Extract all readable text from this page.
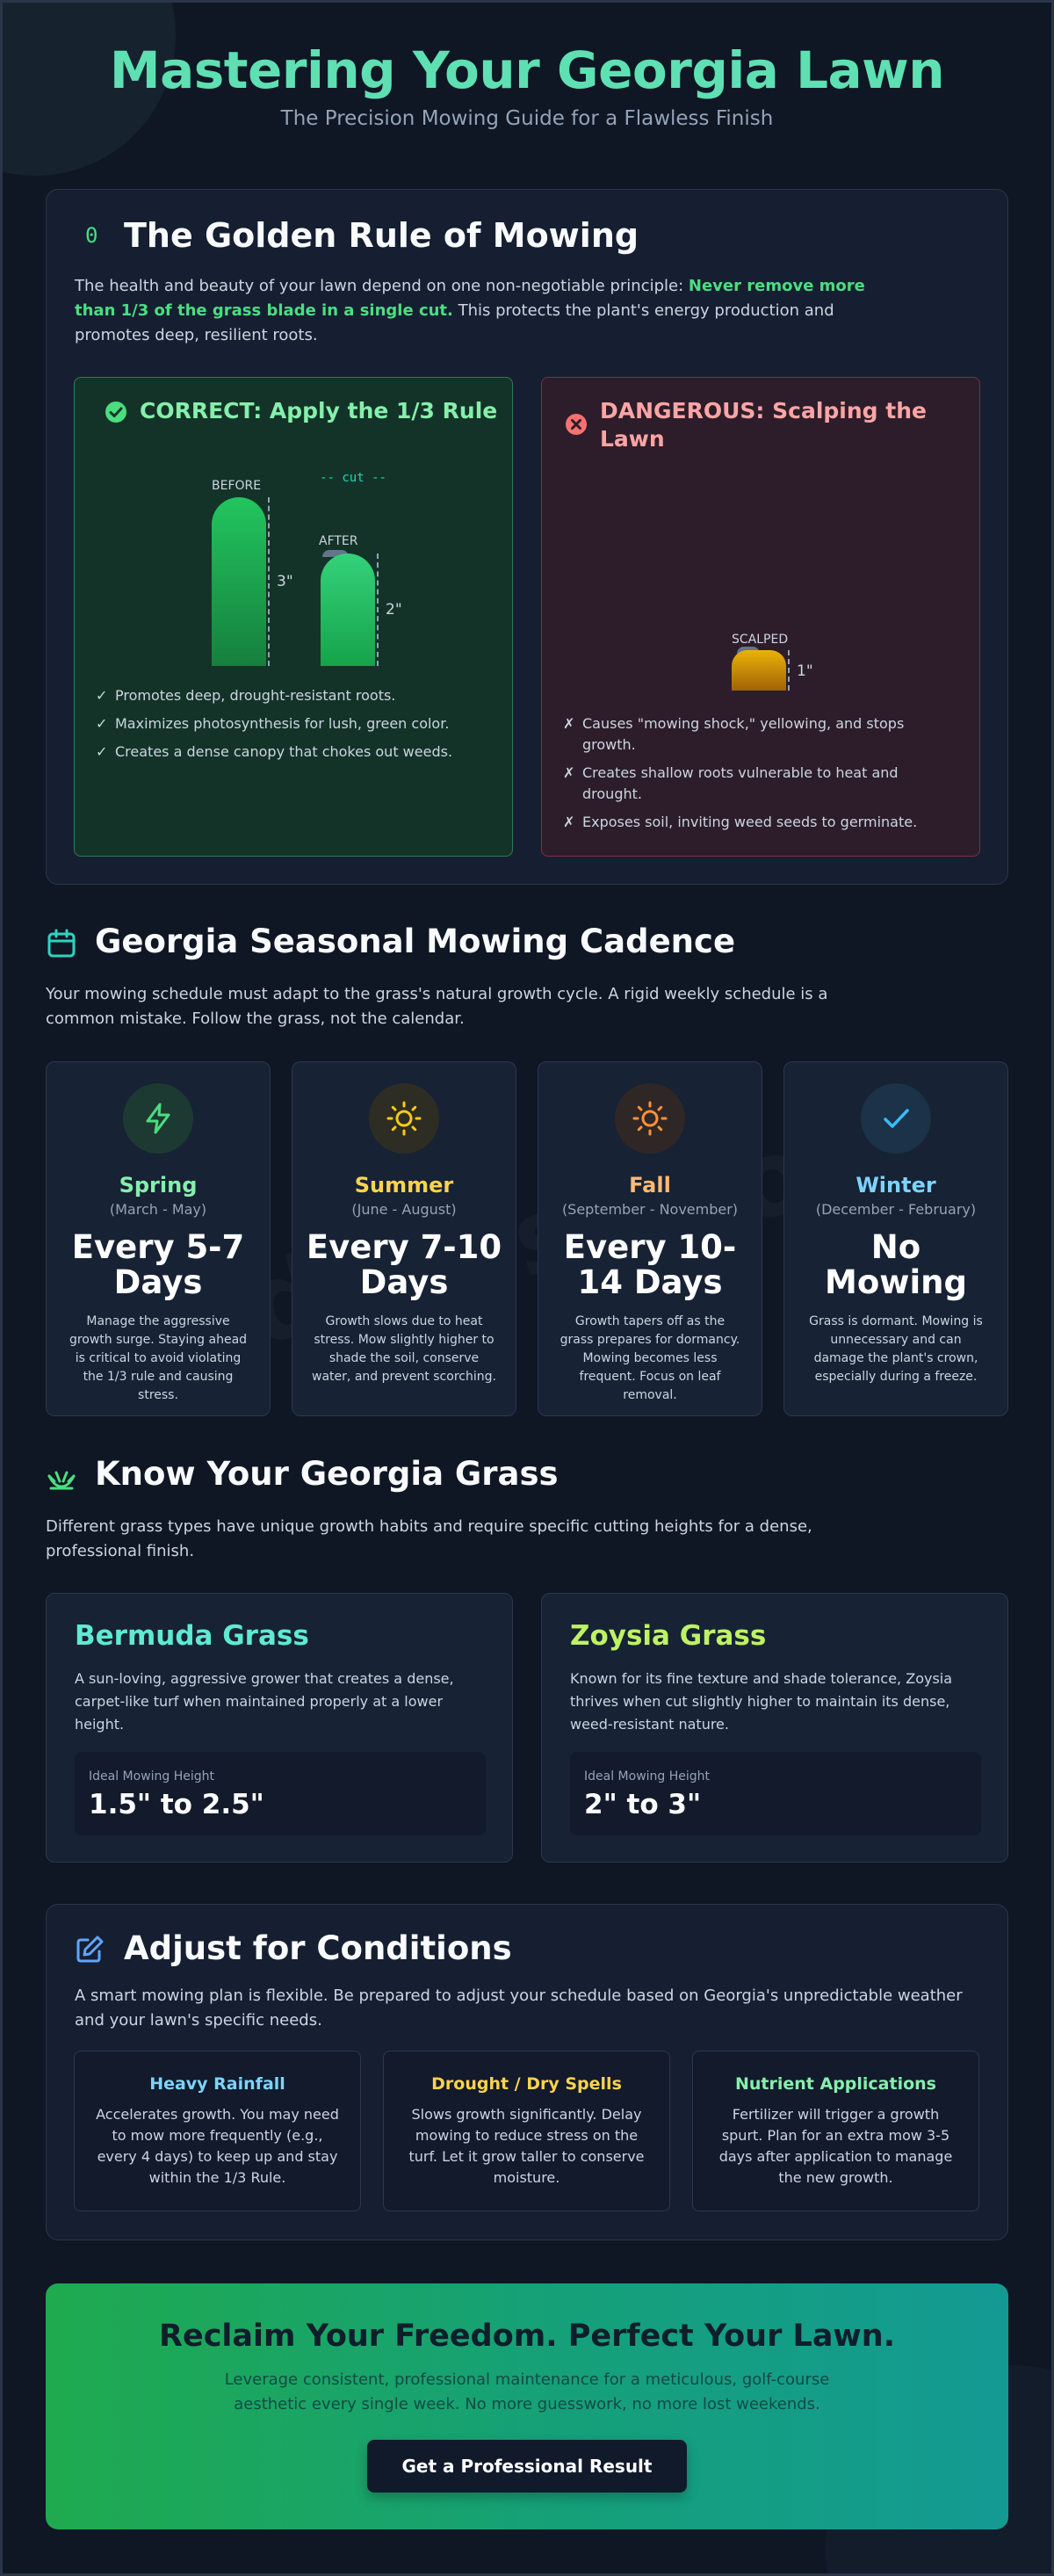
Mastering Your Georgia Lawn
The Precision Mowing Guide for a Flawless Finish
0 The Golden Rule of Mowing
The health and beauty of your lawn depend on one non-negotiable principle: Never remove more than 1/3 of the grass blade in a single cut. This protects the plant's energy production and promotes deep, resilient roots.
CORRECT: Apply the 1/3 Rule
BEFORE
-- cut --
3"
AFTER
2"
✓ Promotes deep, drought-resistant roots.
✓ Maximizes photosynthesis for lush, green color.
✓ Creates a dense canopy that chokes out weeds.
DANGEROUS: Scalping the Lawn
SCALPED
1"
✗ Causes "mowing shock," yellowing, and stops growth.
✗ Creates shallow roots vulnerable to heat and drought.
✗ Exposes soil, inviting weed seeds to germinate.
Georgia Seasonal Mowing Cadence
Your mowing schedule must adapt to the grass's natural growth cycle. A rigid weekly schedule is a common mistake. Follow the grass, not the calendar.
Spring
(March - May)
Every 5-7 Days
Manage the aggressive growth surge. Staying ahead is critical to avoid violating the 1/3 rule and causing stress.
Summer
(June - August)
Every 7-10 Days
Growth slows due to heat stress. Mow slightly higher to shade the soil, conserve water, and prevent scorching.
Fall
(September - November)
Every 10-14 Days
Growth tapers off as the grass prepares for dormancy. Mowing becomes less frequent. Focus on leaf removal.
Winter
(December - February)
No Mowing
Grass is dormant. Mowing is unnecessary and can damage the plant's crown, especially during a freeze.
Know Your Georgia Grass
Different grass types have unique growth habits and require specific cutting heights for a dense, professional finish.
Bermuda Grass
A sun-loving, aggressive grower that creates a dense, carpet-like turf when maintained properly at a lower height.
Ideal Mowing Height
1.5" to 2.5"
Zoysia Grass
Known for its fine texture and shade tolerance, Zoysia thrives when cut slightly higher to maintain its dense, weed-resistant nature.
Ideal Mowing Height
2" to 3"
Adjust for Conditions
A smart mowing plan is flexible. Be prepared to adjust your schedule based on Georgia's unpredictable weather and your lawn's specific needs.
Heavy Rainfall
Accelerates growth. You may need to mow more frequently (e.g., every 4 days) to keep up and stay within the 1/3 Rule.
Drought / Dry Spells
Slows growth significantly. Delay mowing to reduce stress on the turf. Let it grow taller to conserve moisture.
Nutrient Applications
Fertilizer will trigger a growth spurt. Plan for an extra mow 3-5 days after application to manage the new growth.
Reclaim Your Freedom. Perfect Your Lawn.
Leverage consistent, professional maintenance for a meticulous, golf-course aesthetic every single week. No more guesswork, no more lost weekends.
Get a Professional Result
